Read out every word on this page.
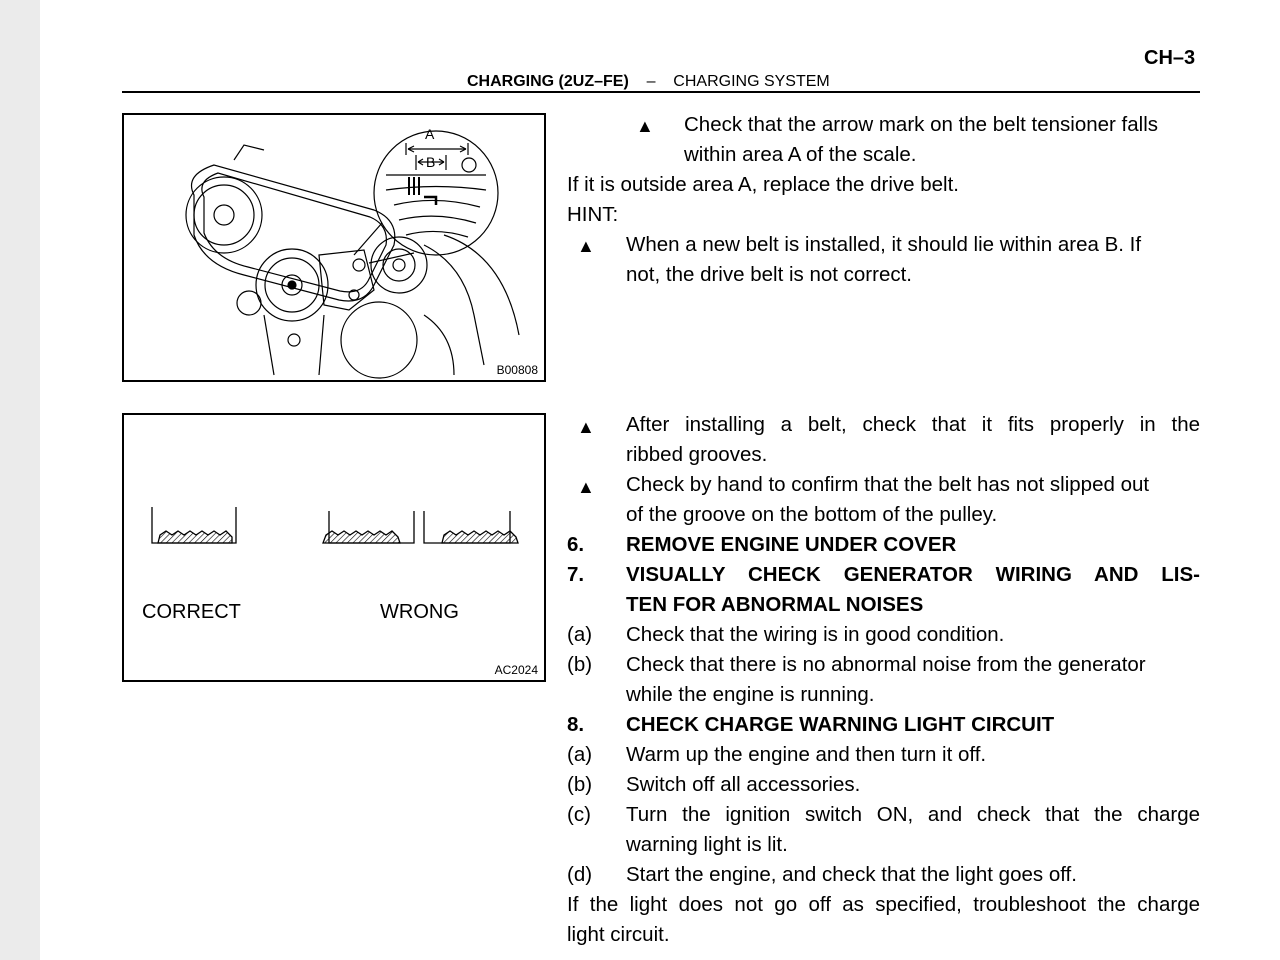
CH–3
CHARGING (2UZ–FE) – CHARGING SYSTEM
A
B
B00808
CORRECT	WRONG
AC2024
▲ Check that the arrow mark on the belt tensioner falls
within area A of the scale.
If it is outside area A, replace the drive belt.
HINT:
▲ When a new belt is installed, it should lie within area B. If
not, the drive belt is not correct.
▲ After installing a belt, check that it fits properly in the
ribbed grooves.
▲ Check by hand to confirm that the belt has not slipped out
of the groove on the bottom of the pulley.
6. REMOVE ENGINE UNDER COVER
7. VISUALLY CHECK GENERATOR WIRING AND LIS-
TEN FOR ABNORMAL NOISES
(a) Check that the wiring is in good condition.
(b) Check that there is no abnormal noise from the generator
while the engine is running.
8. CHECK CHARGE WARNING LIGHT CIRCUIT
(a) Warm up the engine and then turn it off.
(b) Switch off all accessories.
(c) Turn the ignition switch ON, and check that the charge
warning light is lit.
(d) Start the engine, and check that the light goes off.
If the light does not go off as specified, troubleshoot the charge
light circuit.
